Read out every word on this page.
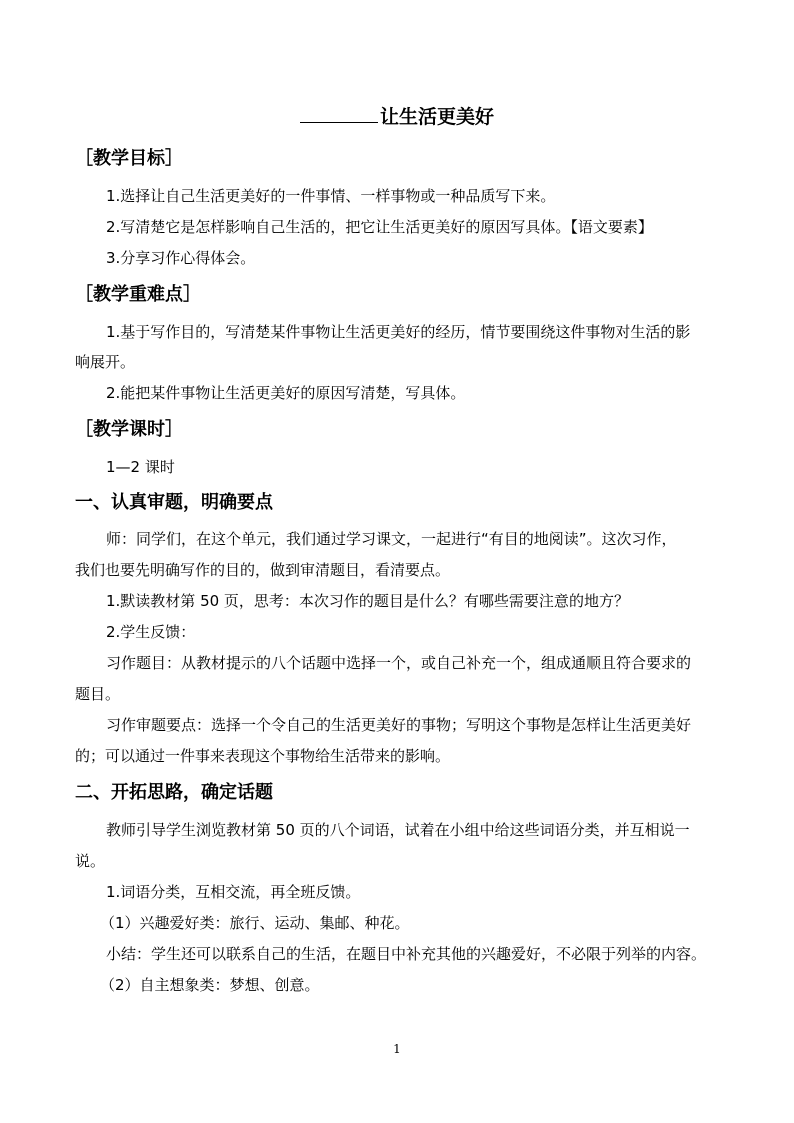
让生活更美好
［教学目标］
1.选择让自己生活更美好的一件事情、一样事物或一种品质写下来。
2.写清楚它是怎样影响自己生活的，把它让生活更美好的原因写具体。【语文要素】
3.分享习作心得体会。
［教学重难点］
1.基于写作目的，写清楚某件事物让生活更美好的经历，情节要围绕这件事物对生活的影
响展开。
2.能把某件事物让生活更美好的原因写清楚，写具体。
［教学课时］
1—2 课时
一、认真审题，明确要点
师：同学们，在这个单元，我们通过学习课文，一起进行“有目的地阅读”。这次习作，
我们也要先明确写作的目的，做到审清题目，看清要点。
1.默读教材第 50 页，思考：本次习作的题目是什么？有哪些需要注意的地方？
2.学生反馈：
习作题目：从教材提示的八个话题中选择一个，或自己补充一个，组成通顺且符合要求的
题目。
习作审题要点：选择一个令自己的生活更美好的事物；写明这个事物是怎样让生活更美好
的；可以通过一件事来表现这个事物给生活带来的影响。
二、开拓思路，确定话题
教师引导学生浏览教材第 50 页的八个词语，试着在小组中给这些词语分类，并互相说一
说。
1.词语分类，互相交流，再全班反馈。
（1）兴趣爱好类：旅行、运动、集邮、种花。
小结：学生还可以联系自己的生活，在题目中补充其他的兴趣爱好，不必限于列举的内容。
（2）自主想象类：梦想、创意。
1
